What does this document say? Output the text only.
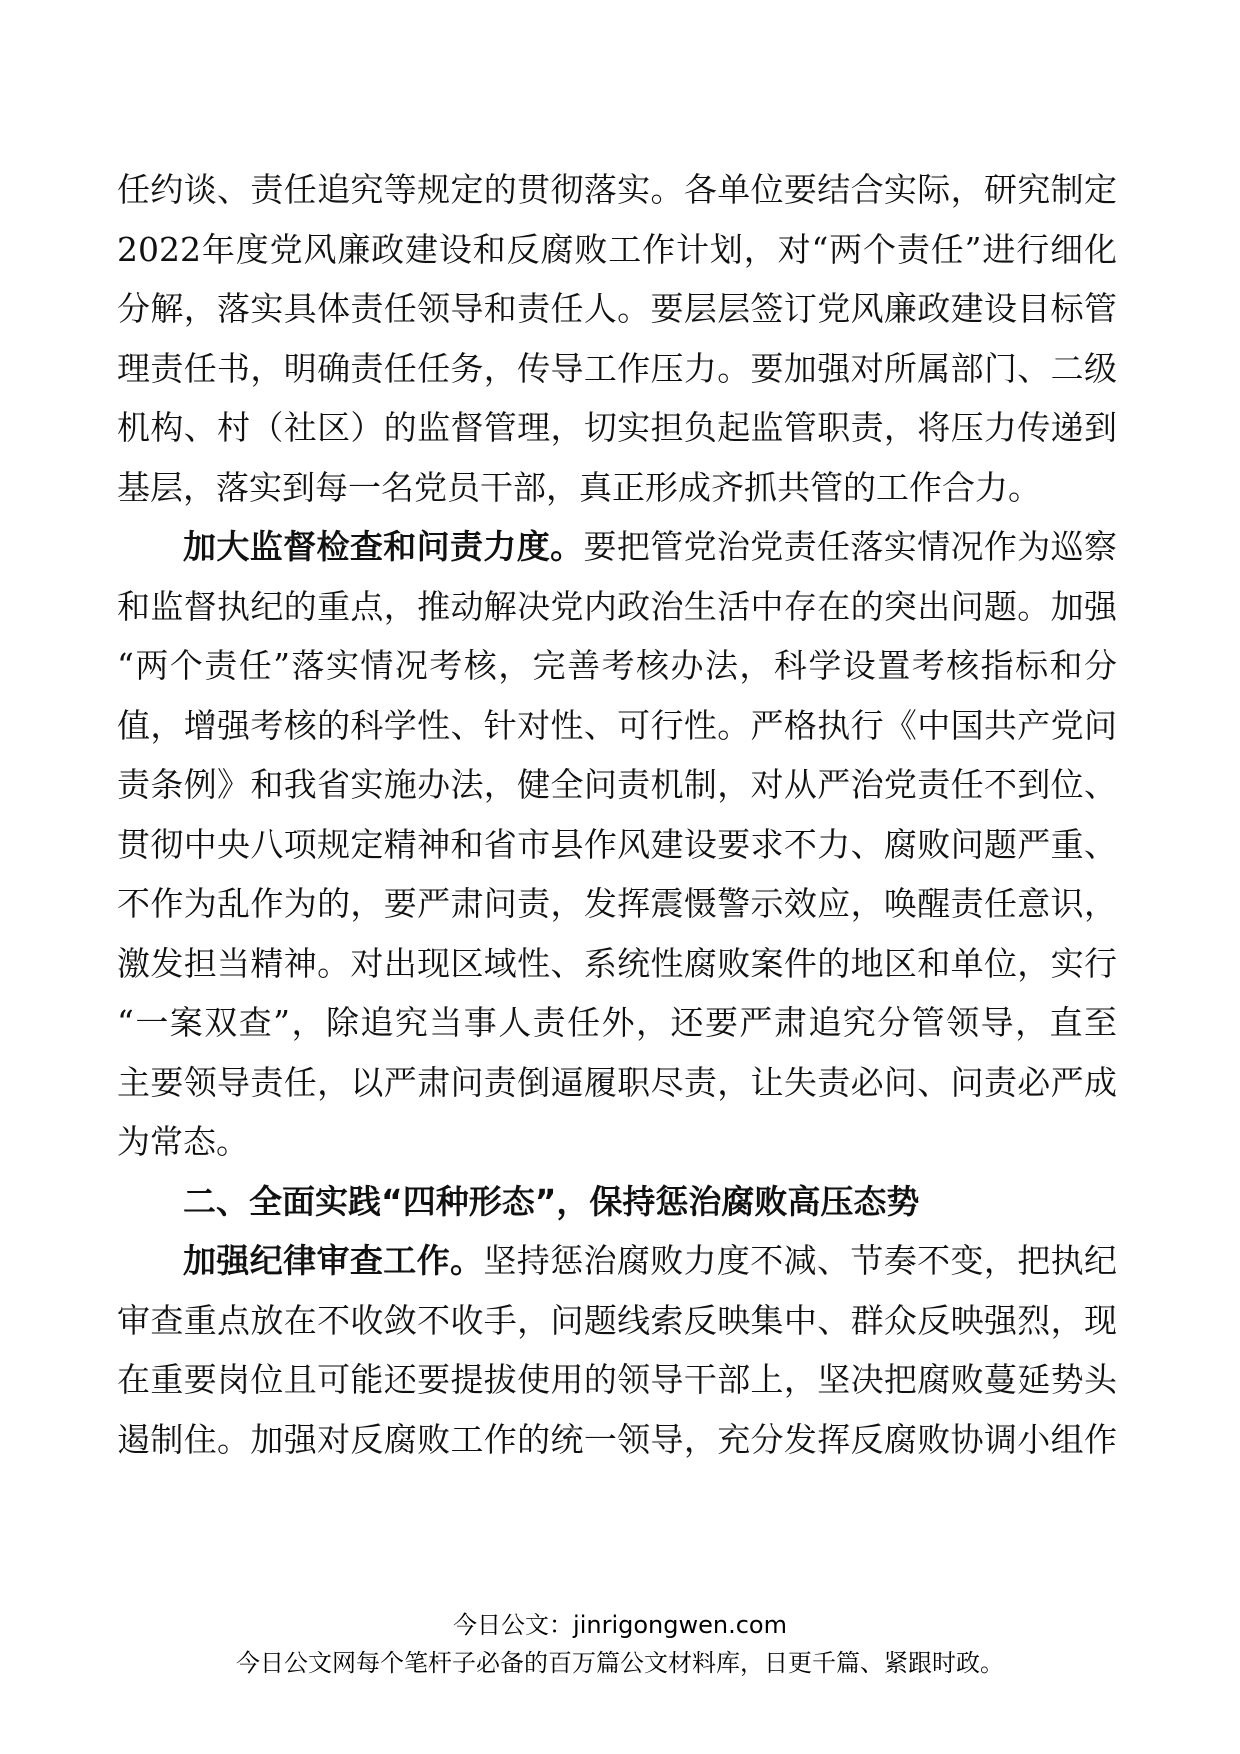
任约谈、责任追究等规定的贯彻落实。各单位要结合实际，研究制定
2022年度党风廉政建设和反腐败工作计划，对“两个责任”进行细化
分解，落实具体责任领导和责任人。要层层签订党风廉政建设目标管
理责任书，明确责任任务，传导工作压力。要加强对所属部门、二级
机构、村（社区）的监督管理，切实担负起监管职责，将压力传递到
基层，落实到每一名党员干部，真正形成齐抓共管的工作合力。
加大监督检查和问责力度。要把管党治党责任落实情况作为巡察
和监督执纪的重点，推动解决党内政治生活中存在的突出问题。加强
“两个责任”落实情况考核，完善考核办法，科学设置考核指标和分
值，增强考核的科学性、针对性、可行性。严格执行《中国共产党问
责条例》和我省实施办法，健全问责机制，对从严治党责任不到位、
贯彻中央八项规定精神和省市县作风建设要求不力、腐败问题严重、
不作为乱作为的，要严肃问责，发挥震慑警示效应，唤醒责任意识，
激发担当精神。对出现区域性、系统性腐败案件的地区和单位，实行
“一案双查”，除追究当事人责任外，还要严肃追究分管领导，直至
主要领导责任，以严肃问责倒逼履职尽责，让失责必问、问责必严成
为常态。
二、全面实践“四种形态”，保持惩治腐败高压态势
加强纪律审查工作。坚持惩治腐败力度不减、节奏不变，把执纪
审查重点放在不收敛不收手，问题线索反映集中、群众反映强烈，现
在重要岗位且可能还要提拔使用的领导干部上，坚决把腐败蔓延势头
遏制住。加强对反腐败工作的统一领导，充分发挥反腐败协调小组作
今日公文：jinrigongwen.com
今日公文网每个笔杆子必备的百万篇公文材料库，日更千篇、紧跟时政。
